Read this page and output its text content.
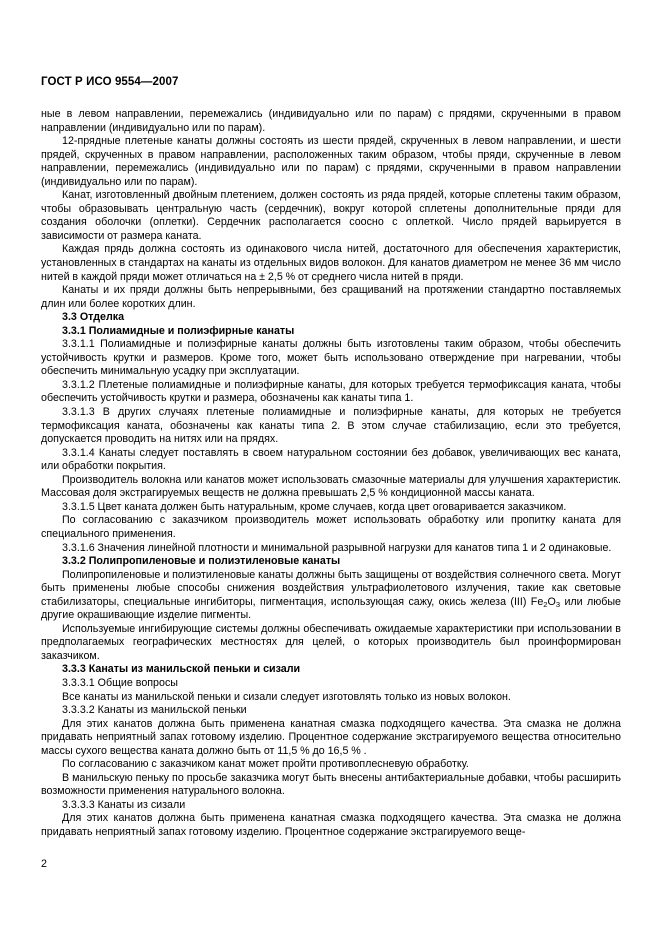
ГОСТ Р ИСО 9554—2007

ные в левом направлении, перемежались (индивидуально или по парам) с прядями, скрученными в правом направлении (индивидуально или по парам).

12-прядные плетеные канаты должны состоять из шести прядей, скрученных в левом направлении, и шести прядей, скрученных в правом направлении, расположенных таким образом, чтобы пряди, скрученные в левом направлении, перемежались (индивидуально или по парам) с прядями, скрученными в правом направлении (индивидуально или по парам).

Канат, изготовленный двойным плетением, должен состоять из ряда прядей, которые сплетены таким образом, чтобы образовывать центральную часть (сердечник), вокруг которой сплетены дополнительные пряди для создания оболочки (оплетки). Сердечник располагается соосно с оплеткой. Число прядей варьируется в зависимости от размера каната.

Каждая прядь должна состоять из одинакового числа нитей, достаточного для обеспечения характеристик, установленных в стандартах на канаты из отдельных видов волокон. Для канатов диаметром не менее 36 мм число нитей в каждой пряди может отличаться на ± 2,5 % от среднего числа нитей в пряди.

Канаты и их пряди должны быть непрерывными, без сращиваний на протяжении стандартно поставляемых длин или более коротких длин.

3.3 Отделка

3.3.1 Полиамидные и полиэфирные канаты

3.3.1.1 Полиамидные и полиэфирные канаты должны быть изготовлены таким образом, чтобы обеспечить устойчивость крутки и размеров. Кроме того, может быть использовано отверждение при нагревании, чтобы обеспечить минимальную усадку при эксплуатации.

3.3.1.2 Плетеные полиамидные и полиэфирные канаты, для которых требуется термофиксация каната, чтобы обеспечить устойчивость крутки и размера, обозначены как канаты типа 1.

3.3.1.3 В других случаях плетеные полиамидные и полиэфирные канаты, для которых не требуется термофиксация каната, обозначены как канаты типа 2. В этом случае стабилизацию, если это требуется, допускается проводить на нитях или на прядях.

3.3.1.4 Канаты следует поставлять в своем натуральном состоянии без добавок, увеличивающих вес каната, или обработки покрытия.

Производитель волокна или канатов может использовать смазочные материалы для улучшения характеристик. Массовая доля экстрагируемых веществ не должна превышать 2,5 % кондиционной массы каната.

3.3.1.5 Цвет каната должен быть натуральным, кроме случаев, когда цвет оговаривается заказчиком.

По согласованию с заказчиком производитель может использовать обработку или пропитку каната для специального применения.

3.3.1.6 Значения линейной плотности и минимальной разрывной нагрузки для канатов типа 1 и 2 одинаковые.

3.3.2 Полипропиленовые и полиэтиленовые канаты

Полипропиленовые и полиэтиленовые канаты должны быть защищены от воздействия солнечного света. Могут быть применены любые способы снижения воздействия ультрафиолетового излучения, такие как световые стабилизаторы, специальные ингибиторы, пигментация, использующая сажу, окись железа (III) $Fe_2O_3$ или любые другие окрашивающие изделие пигменты.

Используемые ингибирующие системы должны обеспечивать ожидаемые характеристики при использовании в предполагаемых географических местностях для целей, о которых производитель был проинформирован заказчиком.

3.3.3 Канаты из манильской пеньки и сизали

3.3.3.1 Общие вопросы

Все канаты из манильской пеньки и сизали следует изготовлять только из новых волокон.

3.3.3.2 Канаты из манильской пеньки

Для этих канатов должна быть применена канатная смазка подходящего качества. Эта смазка не должна придавать неприятный запах готовому изделию. Процентное содержание экстрагируемого вещества относительно массы сухого вещества каната должно быть от 11,5 % до 16,5 % .

По согласованию с заказчиком канат может пройти противоплесневую обработку.

В манильскую пеньку по просьбе заказчика могут быть внесены антибактериальные добавки, чтобы расширить возможности применения натурального волокна.

3.3.3.3 Канаты из сизали

Для этих канатов должна быть применена канатная смазка подходящего качества. Эта смазка не должна придавать неприятный запах готовому изделию. Процентное содержание экстрагируемого веще-

2
